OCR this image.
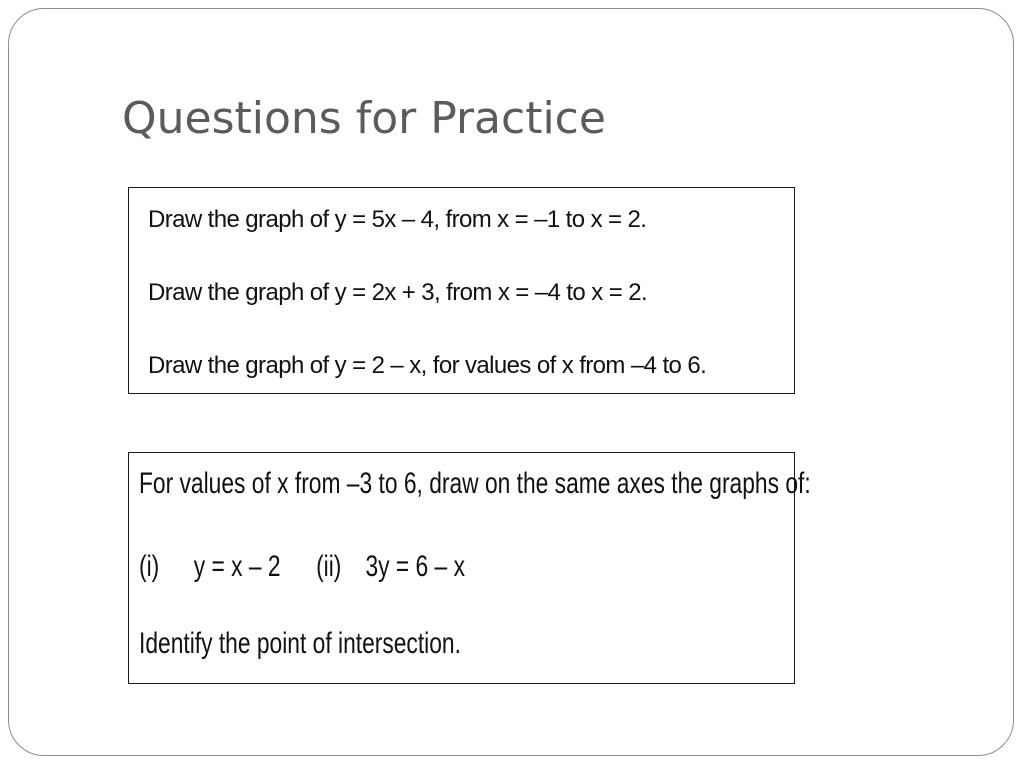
Questions for Practice
Draw the graph of y = 5x – 4, from x = –1 to x = 2.
Draw the graph of y = 2x + 3, from x = –4 to x = 2.
Draw the graph of y = 2 – x, for values of x from –4 to 6.
For values of x from –3 to 6, draw on the same axes the graphs of:
(i) y = x – 2 (ii) 3y = 6 – x
Identify the point of intersection.
